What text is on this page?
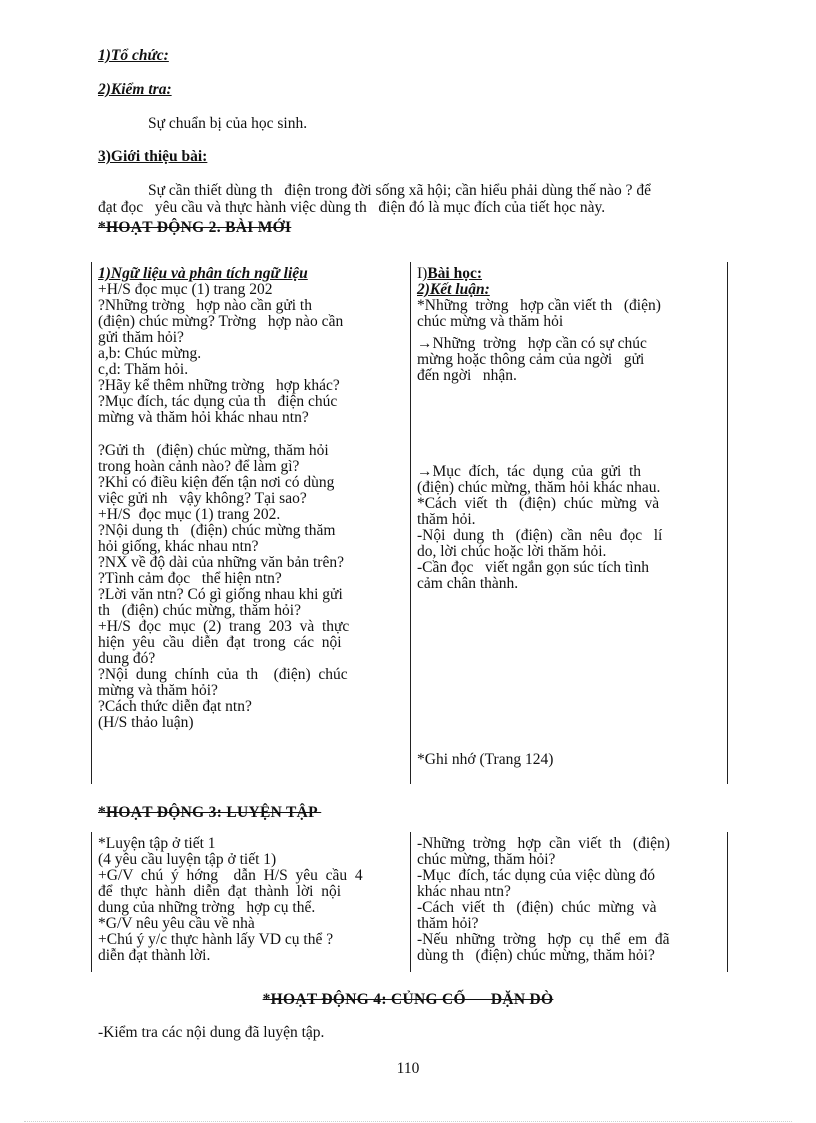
1)Tổ chức:
2)Kiểm tra:
Sự chuẩn bị của học sinh.
3)Giới thiệu bài:
Sự cần thiết dùng th   điện trong đời sống xã hội; cần hiểu phải dùng thế nào ? để
đạt đọc   yêu cầu và thực hành việc dùng th   điện đó là mục đích của tiết học này.
*HOẠT ĐỘNG 2. BÀI MỚI
1)Ngữ liệu và phân tích ngữ liệu
+H/S đọc mục (1) trang 202
?Những trờng   hợp nào cần gửi th
(điện) chúc mừng? Trờng   hợp nào cần
gửi thăm hỏi?
a,b: Chúc mừng.
c,d: Thăm hỏi.
?Hãy kể thêm những trờng   hợp khác?
?Mục đích, tác dụng của th   điện chúc
mừng và thăm hỏi khác nhau ntn?

?Gửi th   (điện) chúc mừng, thăm hỏi
trong hoàn cảnh nào? để làm gì?
?Khi có điều kiện đến tận nơi có dùng
việc gửi nh   vậy không? Tại sao?
+H/S  đọc mục (1) trang 202.
?Nội dung th   (điện) chúc mừng thăm
hỏi giống, khác nhau ntn?
?NX về độ dài của những văn bản trên?
?Tình cảm đọc   thể hiện ntn?
?Lời văn ntn? Có gì giống nhau khi gửi
th   (điện) chúc mừng, thăm hỏi?
+H/S  đọc  mục  (2)  trang  203  và  thực
hiện  yêu  cầu  diễn  đạt  trong  các  nội
dung đó?
?Nội  dung  chính  của  th    (điện)  chúc
mừng và thăm hỏi?
?Cách thức diễn đạt ntn?
(H/S thảo luận)
I)Bài học:
2)Kết luận:
*Những  trờng   hợp cần viết th   (điện)
chúc mừng và thăm hỏi
→Những  trờng   hợp cần có sự chúc
mừng hoặc thông cảm của ngời   gửi
đến ngời   nhận.
→Mục  đích,  tác  dụng  của  gửi  th
(điện) chúc mừng, thăm hỏi khác nhau.
*Cách  viết  th   (điện)  chúc  mừng  và
thăm hỏi.
-Nội  dung  th   (điện)  cần  nêu  đọc   lí
do, lời chúc hoặc lời thăm hỏi.
-Cần đọc   viết ngắn gọn súc tích tình
cảm chân thành.
*Ghi nhớ (Trang 124)
*HOẠT ĐỘNG 3: LUYỆN TẬP
*Luyện tập ở tiết 1
(4 yêu cầu luyện tập ở tiết 1)
+G/V  chú  ý  hớng    dẫn  H/S  yêu  cầu  4
để  thực  hành  diễn  đạt  thành  lời  nội
dung của những trờng   hợp cụ thể.
*G/V nêu yêu cầu về nhà
+Chú ý y/c thực hành lấy VD cụ thể ?
diễn đạt thành lời.
-Những  trờng   hợp  cần  viết  th   (điện)
chúc mừng, thăm hỏi?
-Mục  đích, tác dụng của việc dùng đó
khác nhau ntn?
-Cách  viết  th   (điện)  chúc  mừng  và
thăm hỏi?
-Nếu  những  trờng   hợp  cụ  thể  em  đã
dùng th   (điện) chúc mừng, thăm hỏi?
*HOẠT ĐỘNG 4: CỦNG CỐ      DẶN DÒ
-Kiểm tra các nội dung đã luyện tập.
110
